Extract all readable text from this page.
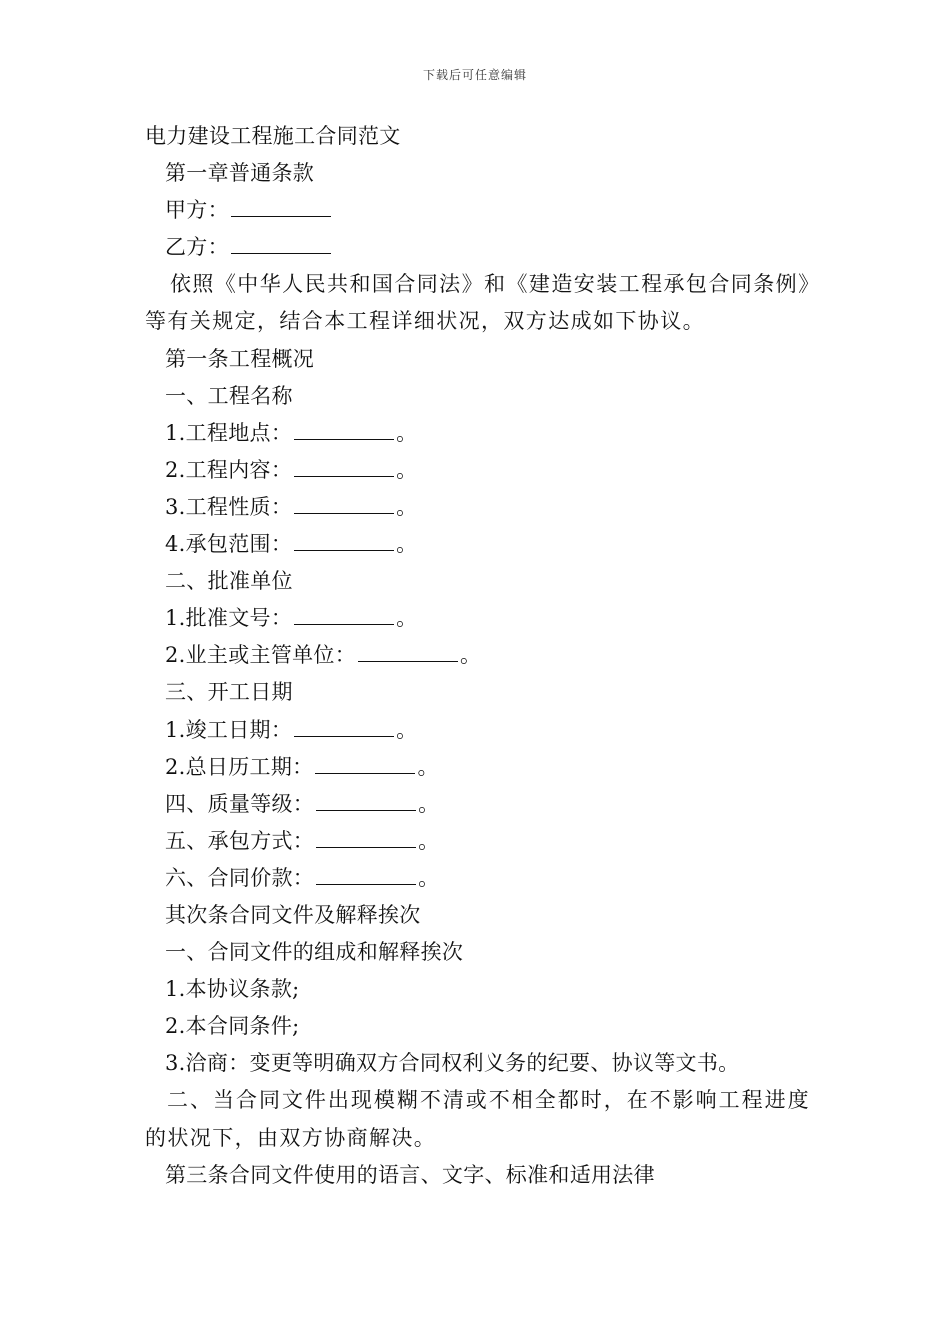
下载后可任意编辑
电力建设工程施工合同范文
第一章普通条款
甲方：
乙方：
依照《中华人民共和国合同法》和《建造安装工程承包合同条例》等有关规定，结合本工程详细状况，双方达成如下协议。
第一条工程概况
一、工程名称
1.工程地点：	。
2.工程内容：	。
3.工程性质：	。
4.承包范围：	。
二、批准单位
1.批准文号：	。
2.业主或主管单位：	。
三、开工日期
1.竣工日期：	。
2.总日历工期：	。
四、质量等级：	。
五、承包方式：	。
六、合同价款：	。
其次条合同文件及解释挨次
一、合同文件的组成和解释挨次
1.本协议条款;
2.本合同条件;
3.洽商：变更等明确双方合同权利义务的纪要、协议等文书。
二、当合同文件出现模糊不清或不相全都时，在不影响工程进度的状况下，由双方协商解决。
第三条合同文件使用的语言、文字、标准和适用法律
